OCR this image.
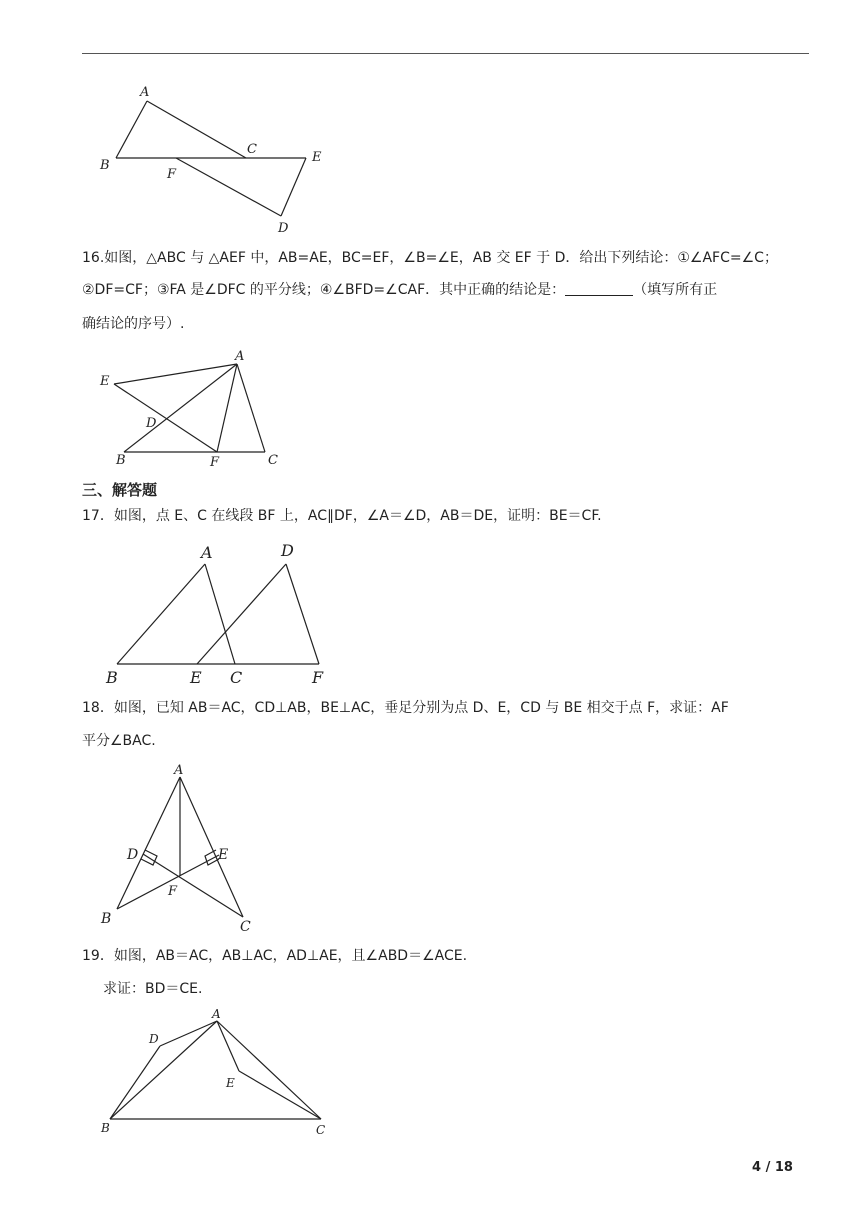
A
B
C
E
F
D
16.如图，△ABC 与 △AEF 中，AB=AE，BC=EF，∠B=∠E，AB 交 EF 于 D．给出下列结论：①∠AFC=∠C；
②DF=CF；③FA 是∠DFC 的平分线；④∠BFD=∠CAF．其中正确的结论是：	（填写所有正
确结论的序号）.
A
E
D
B	F	C
三、解答题
17．如图，点 E、C 在线段 BF 上，AC∥DF，∠A＝∠D，AB＝DE，证明：BE＝CF.
A	D
B	E C	F
18．如图，已知 AB＝AC，CD⊥AB，BE⊥AC，垂足分别为点 D、E，CD 与 BE 相交于点 F，求证：AF
平分∠BAC.
A
D	E
F
B	C
19．如图，AB＝AC，AB⊥AC，AD⊥AE，且∠ABD＝∠ACE.
求证：BD＝CE.
A
D
E
B	C
4 / 18
